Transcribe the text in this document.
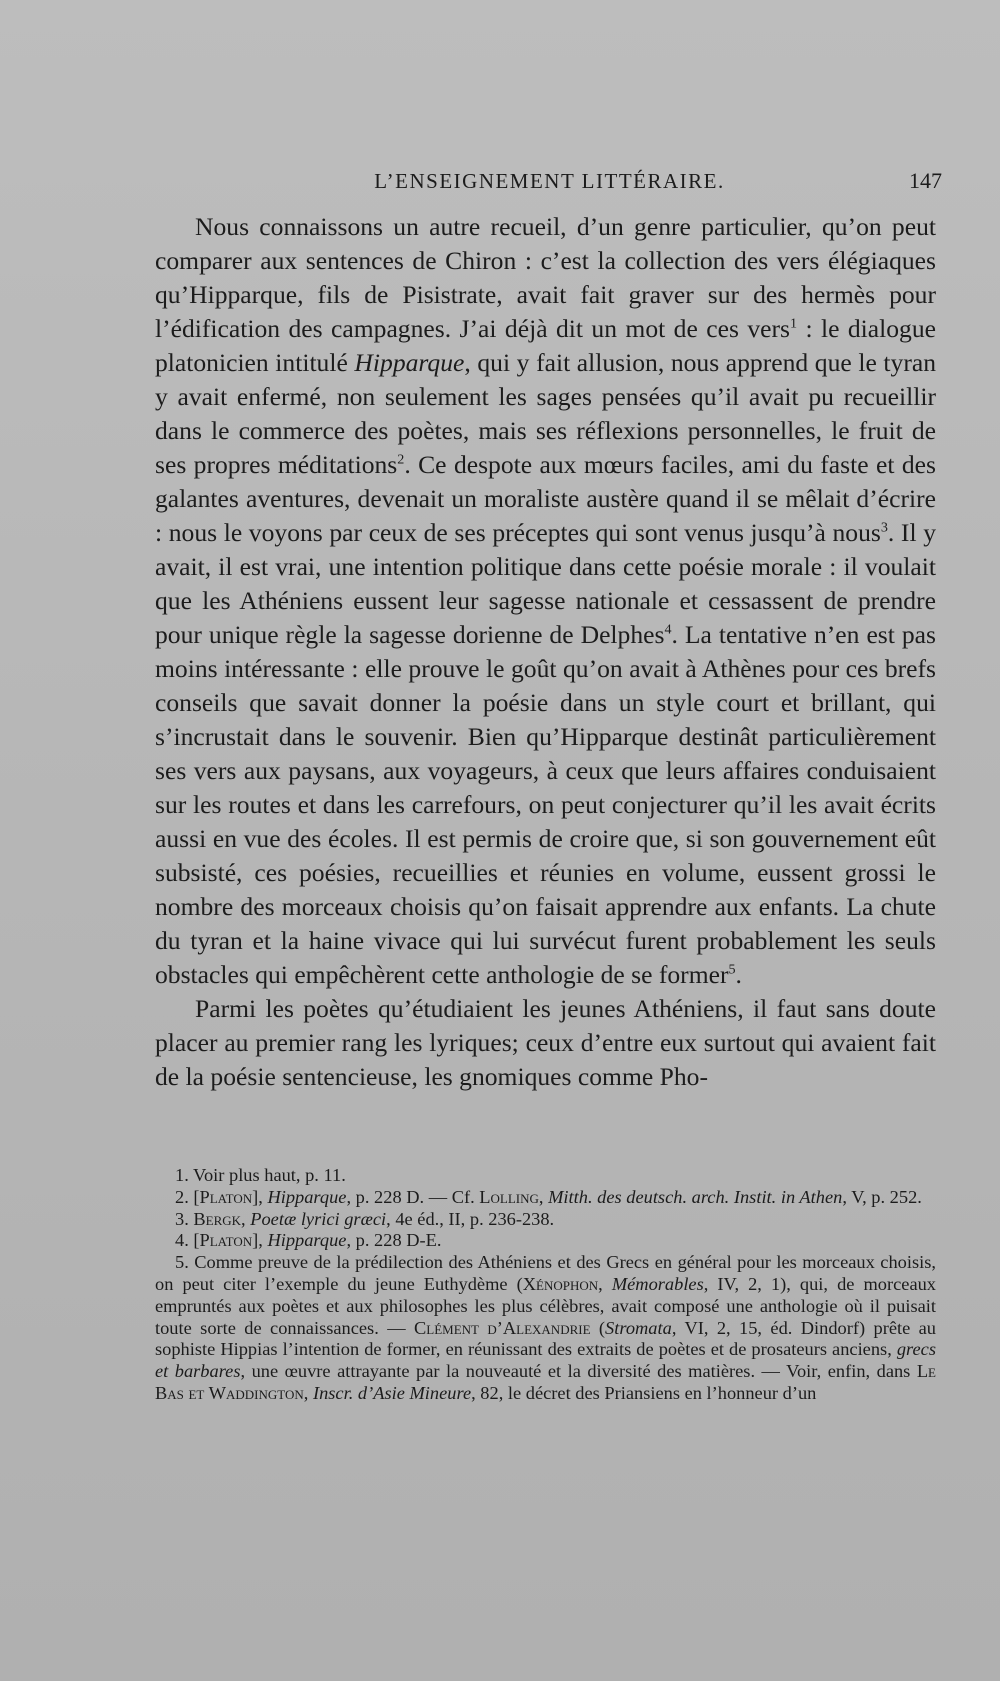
L’ENSEIGNEMENT LITTÉRAIRE.	147

Nous connaissons un autre recueil, d’un genre particulier, qu’on peut comparer aux sentences de Chiron : c’est la collection des vers élégiaques qu’Hipparque, fils de Pisistrate, avait fait graver sur des hermès pour l’édification des campagnes. J’ai déjà dit un mot de ces vers$^1$ : le dialogue platonicien intitulé Hipparque, qui y fait allusion, nous apprend que le tyran y avait enfermé, non seulement les sages pensées qu’il avait pu recueillir dans le commerce des poètes, mais ses réflexions personnelles, le fruit de ses propres méditations$^2$. Ce despote aux mœurs faciles, ami du faste et des galantes aventures, devenait un moraliste austère quand il se mêlait d’écrire : nous le voyons par ceux de ses préceptes qui sont venus jusqu’à nous$^3$. Il y avait, il est vrai, une intention politique dans cette poésie morale : il voulait que les Athéniens eussent leur sagesse nationale et cessassent de prendre pour unique règle la sagesse dorienne de Delphes$^4$. La tentative n’en est pas moins intéressante : elle prouve le goût qu’on avait à Athènes pour ces brefs conseils que savait donner la poésie dans un style court et brillant, qui s’incrustait dans le souvenir. Bien qu’Hipparque destinât particulièrement ses vers aux paysans, aux voyageurs, à ceux que leurs affaires conduisaient sur les routes et dans les carrefours, on peut conjecturer qu’il les avait écrits aussi en vue des écoles. Il est permis de croire que, si son gouvernement eût subsisté, ces poésies, recueillies et réunies en volume, eussent grossi le nombre des morceaux choisis qu’on faisait apprendre aux enfants. La chute du tyran et la haine vivace qui lui survécut furent probablement les seuls obstacles qui empêchèrent cette anthologie de se former$^5$.

Parmi les poètes qu’étudiaient les jeunes Athéniens, il faut sans doute placer au premier rang les lyriques; ceux d’entre eux surtout qui avaient fait de la poésie sentencieuse, les gnomiques comme Pho-

1. Voir plus haut, p. 11.

2. [Platon], Hipparque, p. 228 D. — Cf. Lolling, Mitth. des deutsch. arch. Instit. in Athen, V, p. 252.

3. Bergk, Poetæ lyrici græci, 4e éd., II, p. 236-238.

4. [Platon], Hipparque, p. 228 D-E.

5. Comme preuve de la prédilection des Athéniens et des Grecs en général pour les morceaux choisis, on peut citer l’exemple du jeune Euthydème (Xénophon, Mémorables, IV, 2, 1), qui, de morceaux empruntés aux poètes et aux philosophes les plus célèbres, avait composé une anthologie où il puisait toute sorte de connaissances. — Clément d’Alexandrie (Stromata, VI, 2, 15, éd. Dindorf) prête au sophiste Hippias l’intention de former, en réunissant des extraits de poètes et de prosateurs anciens, grecs et barbares, une œuvre attrayante par la nouveauté et la diversité des matières. — Voir, enfin, dans Le Bas et Waddington, Inscr. d’Asie Mineure, 82, le décret des Priansiens en l’honneur d’un
